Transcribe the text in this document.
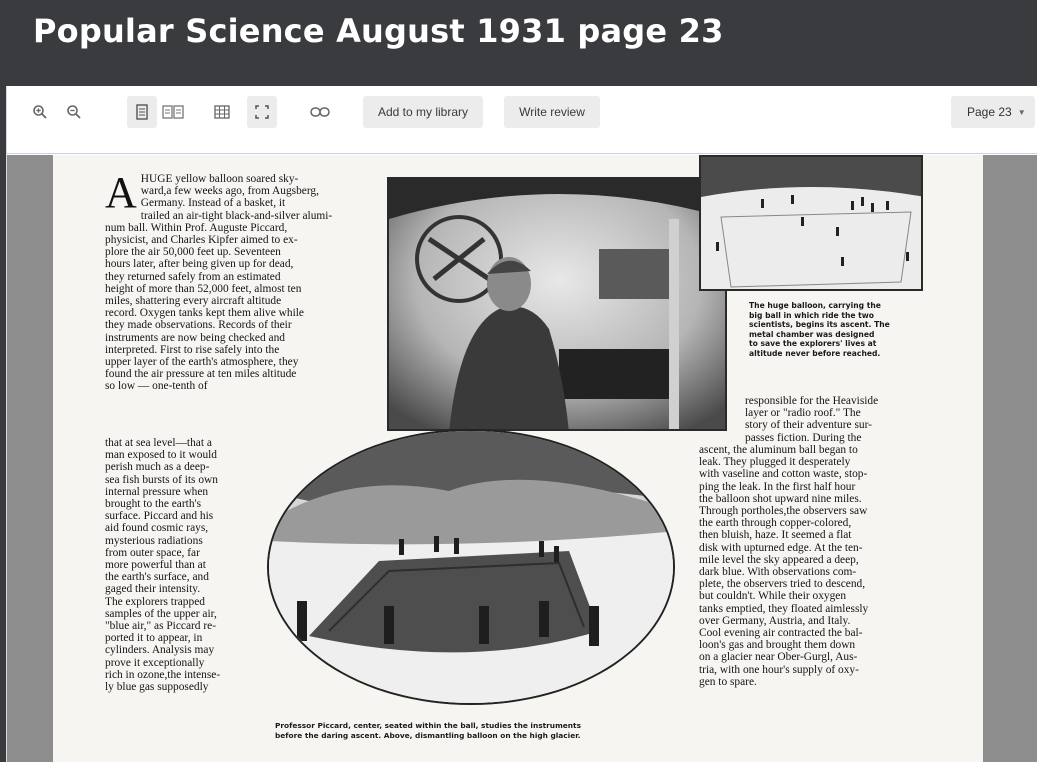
Popular Science August 1931 page 23
Add to my library	Write review	Page 23 ▼
AHUGE yellow balloon soared sky-
ward,a few weeks ago, from Augsberg,
Germany. Instead of a basket, it
trailed an air-tight black-and-silver alumi-
num ball. Within Prof. Auguste Piccard,
physicist, and Charles Kipfer aimed to ex-
plore the air 50,000 feet up. Seventeen
hours later, after being given up for dead,
they returned safely from an estimated
height of more than 52,000 feet, almost ten
miles, shattering every aircraft altitude
record. Oxygen tanks kept them alive while
they made observations. Records of their
instruments are now being checked and
interpreted. First to rise safely into the
upper layer of the earth's atmosphere, they
found the air pressure at ten miles altitude
so low — one-tenth of
that at sea level—that a
man exposed to it would
perish much as a deep-
sea fish bursts of its own
internal pressure when
brought to the earth's
surface. Piccard and his
aid found cosmic rays,
mysterious radiations
from outer space, far
more powerful than at
the earth's surface, and
gaged their intensity.
The explorers trapped
samples of the upper air,
"blue air," as Piccard re-
ported it to appear, in
cylinders. Analysis may
prove it exceptionally
rich in ozone,the intense-
ly blue gas supposedly
The huge balloon, carrying the
big ball in which ride the two
scientists, begins its ascent. The
metal chamber was designed
to save the explorers' lives at
altitude never before reached.
responsible for the Heaviside
layer or "radio roof." The
story of their adventure sur-
passes fiction. During the
ascent, the aluminum ball began to
leak. They plugged it desperately
with vaseline and cotton waste, stop-
ping the leak. In the first half hour
the balloon shot upward nine miles.
Through portholes,the observers saw
the earth through copper-colored,
then bluish, haze. It seemed a flat
disk with upturned edge. At the ten-
mile level the sky appeared a deep,
dark blue. With observations com-
plete, the observers tried to descend,
but couldn't. While their oxygen
tanks emptied, they floated aimlessly
over Germany, Austria, and Italy.
Cool evening air contracted the bal-
loon's gas and brought them down
on a glacier near Ober-Gurgl, Aus-
tria, with one hour's supply of oxy-
gen to spare.
Professor Piccard, center, seated within the ball, studies the instruments
before the daring ascent. Above, dismantling balloon on the high glacier.
